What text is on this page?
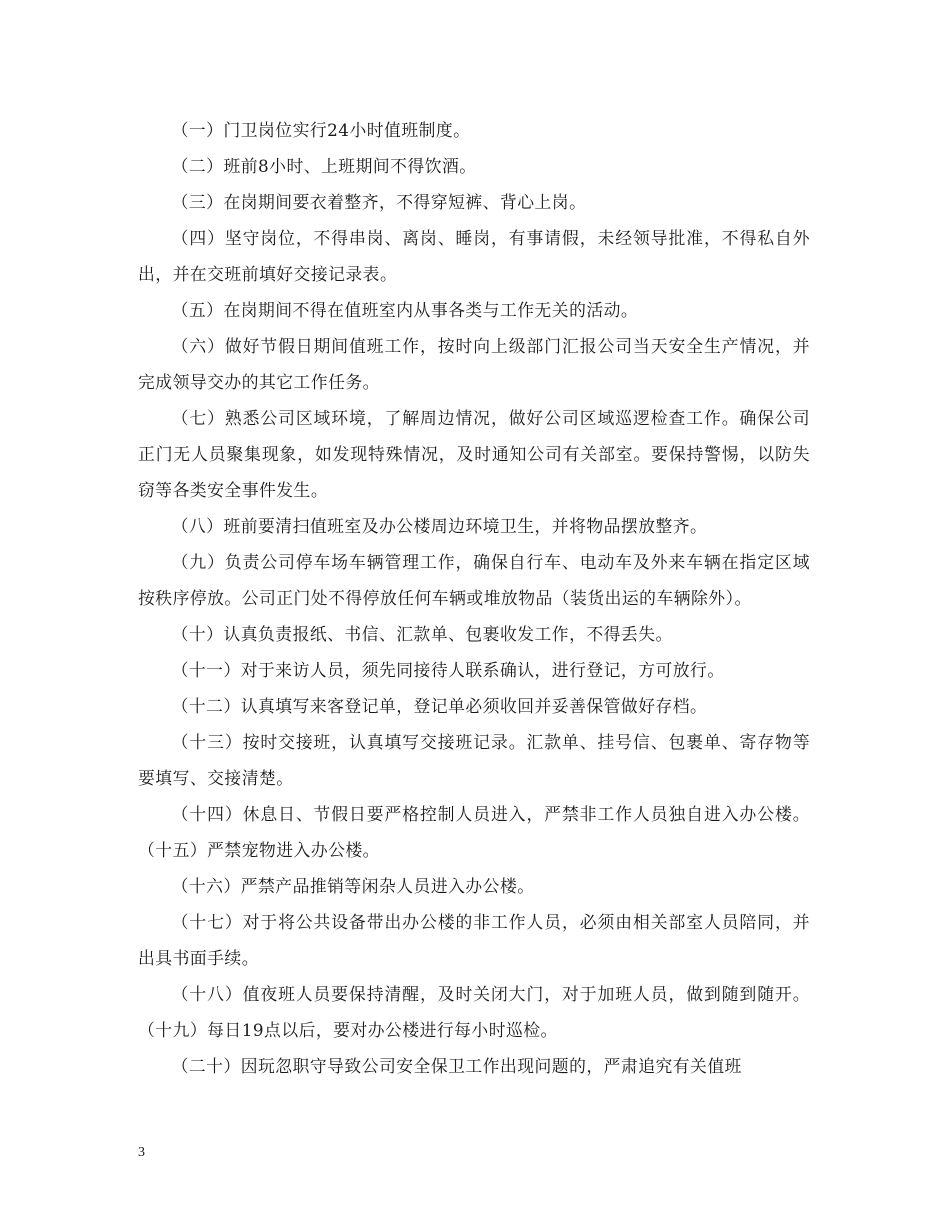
（一）门卫岗位实行24小时值班制度。

（二）班前8小时、上班期间不得饮酒。

（三）在岗期间要衣着整齐，不得穿短裤、背心上岗。

（四）坚守岗位，不得串岗、离岗、睡岗，有事请假，未经领导批准，不得私自外出，并在交班前填好交接记录表。

（五）在岗期间不得在值班室内从事各类与工作无关的活动。

（六）做好节假日期间值班工作，按时向上级部门汇报公司当天安全生产情况，并完成领导交办的其它工作任务。

（七）熟悉公司区域环境，了解周边情况，做好公司区域巡逻检查工作。确保公司正门无人员聚集现象，如发现特殊情况，及时通知公司有关部室。要保持警惕，以防失窃等各类安全事件发生。

（八）班前要清扫值班室及办公楼周边环境卫生，并将物品摆放整齐。

（九）负责公司停车场车辆管理工作，确保自行车、电动车及外来车辆在指定区域按秩序停放。公司正门处不得停放任何车辆或堆放物品（装货出运的车辆除外）。

（十）认真负责报纸、书信、汇款单、包裹收发工作，不得丢失。

（十一）对于来访人员，须先同接待人联系确认，进行登记，方可放行。

（十二）认真填写来客登记单，登记单必须收回并妥善保管做好存档。

（十三）按时交接班，认真填写交接班记录。汇款单、挂号信、包裹单、寄存物等要填写、交接清楚。

（十四）休息日、节假日要严格控制人员进入，严禁非工作人员独自进入办公楼。 （十五）严禁宠物进入办公楼。

（十六）严禁产品推销等闲杂人员进入办公楼。

（十七）对于将公共设备带出办公楼的非工作人员，必须由相关部室人员陪同，并出具书面手续。

（十八）值夜班人员要保持清醒，及时关闭大门，对于加班人员，做到随到随开。 （十九）每日19点以后，要对办公楼进行每小时巡检。

（二十）因玩忽职守导致公司安全保卫工作出现问题的，严肃追究有关值班

3
